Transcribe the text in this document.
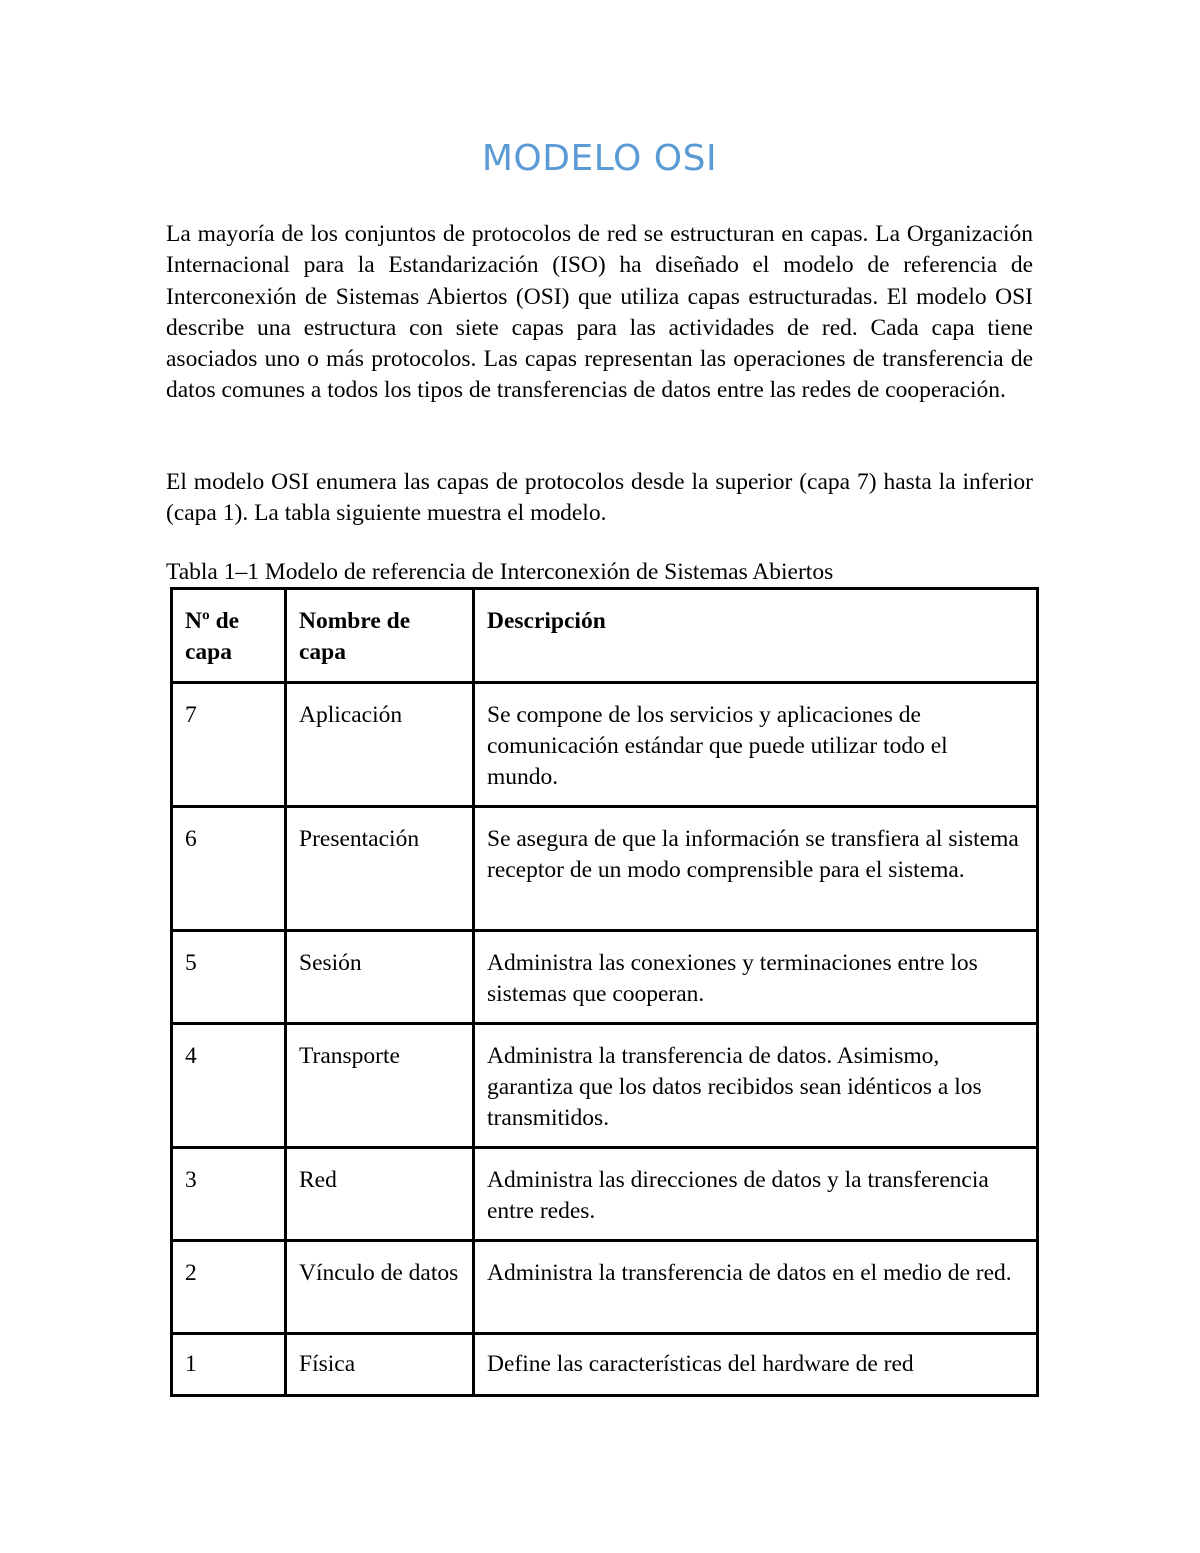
MODELO OSI

La mayoría de los conjuntos de protocolos de red se estructuran en capas. La Organización Internacional para la Estandarización (ISO) ha diseñado el modelo de referencia de Interconexión de Sistemas Abiertos (OSI) que utiliza capas estructuradas. El modelo OSI describe una estructura con siete capas para las actividades de red. Cada capa tiene asociados uno o más protocolos. Las capas representan las operaciones de transferencia de datos comunes a todos los tipos de transferencias de datos entre las redes de cooperación.

El modelo OSI enumera las capas de protocolos desde la superior (capa 7) hasta la inferior (capa 1). La tabla siguiente muestra el modelo.

Tabla 1–1 Modelo de referencia de Interconexión de Sistemas Abiertos

Nº de capa	Nombre de capa	Descripción
7	Aplicación	Se compone de los servicios y aplicaciones de comunicación estándar que puede utilizar todo el mundo.
6	Presentación	Se asegura de que la información se transfiera al sistema receptor de un modo comprensible para el sistema.
5	Sesión	Administra las conexiones y terminaciones entre los sistemas que cooperan.
4	Transporte	Administra la transferencia de datos. Asimismo, garantiza que los datos recibidos sean idénticos a los transmitidos.
3	Red	Administra las direcciones de datos y la transferencia entre redes.
2	Vínculo de datos	Administra la transferencia de datos en el medio de red.
1	Física	Define las características del hardware de red
